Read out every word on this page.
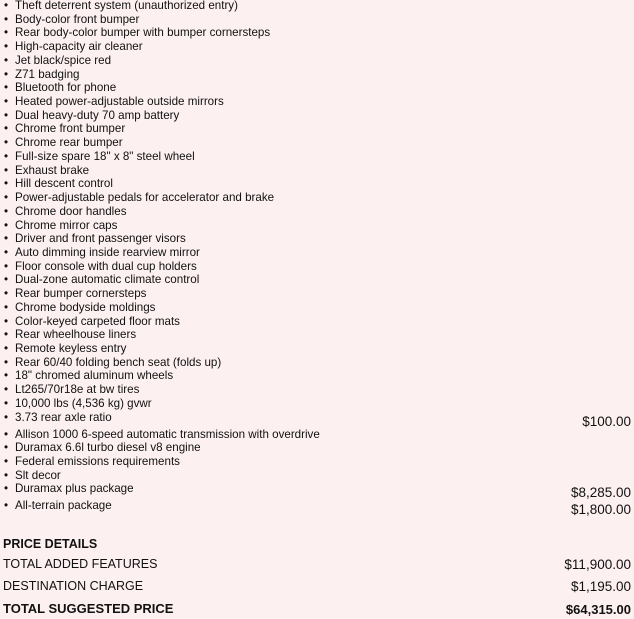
• Theft deterrent system (unauthorized entry)
• Body-color front bumper
• Rear body-color bumper with bumper cornersteps
• High-capacity air cleaner
• Jet black/spice red
• Z71 badging
• Bluetooth for phone
• Heated power-adjustable outside mirrors
• Dual heavy-duty 70 amp battery
• Chrome front bumper
• Chrome rear bumper
• Full-size spare 18" x 8" steel wheel
• Exhaust brake
• Hill descent control
• Power-adjustable pedals for accelerator and brake
• Chrome door handles
• Chrome mirror caps
• Driver and front passenger visors
• Auto dimming inside rearview mirror
• Floor console with dual cup holders
• Dual-zone automatic climate control
• Rear bumper cornersteps
• Chrome bodyside moldings
• Color-keyed carpeted floor mats
• Rear wheelhouse liners
• Remote keyless entry
• Rear 60/40 folding bench seat (folds up)
• 18" chromed aluminum wheels
• Lt265/70r18e at bw tires
• 10,000 lbs (4,536 kg) gvwr
• 3.73 rear axle ratio	$100.00
• Allison 1000 6-speed automatic transmission with overdrive
• Duramax 6.6l turbo diesel v8 engine
• Federal emissions requirements
• Slt decor
• Duramax plus package	$8,285.00
• All-terrain package	$1,800.00
PRICE DETAILS
TOTAL ADDED FEATURES	$11,900.00
DESTINATION CHARGE	$1,195.00
TOTAL SUGGESTED PRICE	$64,315.00
